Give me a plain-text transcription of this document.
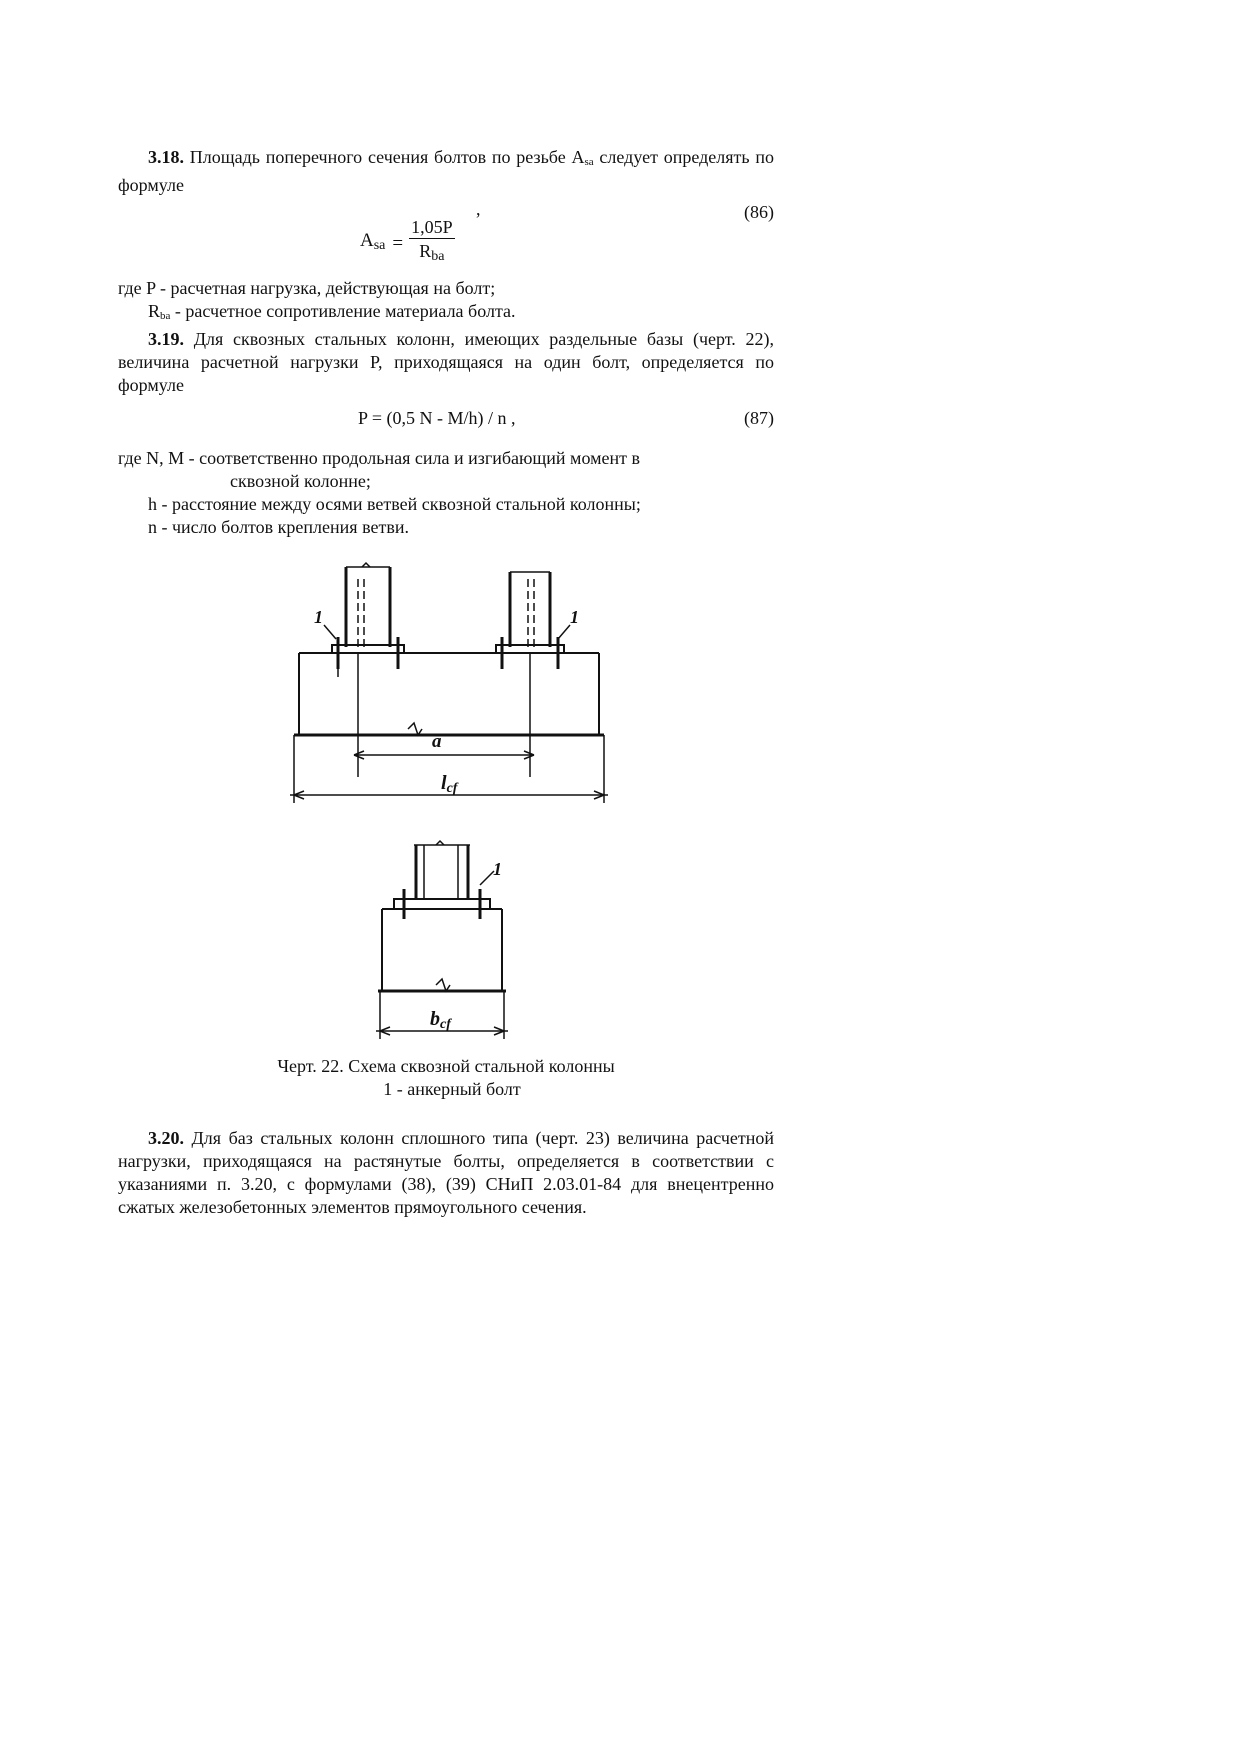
3.18. Площадь поперечного сечения болтов по резьбе Asa следует определять по формуле

,	(86)
$A_{sa} = \frac{1,05P}{R_{ba}}$

где P - расчетная нагрузка, действующая на болт;

Rba - расчетное сопротивление материала болта.

3.19. Для сквозных стальных колонн, имеющих раздельные базы (черт. 22), величина расчетной нагрузки P, приходящаяся на один болт, определяется по формуле

P = (0,5 N - M/h) / n ,	(87)

где N, M - соответственно продольная сила и изгибающий момент в
сквозной колонне;

h - расстояние между осями ветвей сквозной стальной колонны;

n - число болтов крепления ветви.

1	1
a
lcf
1
bcf
Черт. 22. Схема сквозной стальной колонны
1 - анкерный болт

3.20. Для баз стальных колонн сплошного типа (черт. 23) величина расчетной нагрузки, приходящаяся на растянутые болты, определяется в соответствии с указаниями п. 3.20, с формулами (38), (39) СНиП 2.03.01-84 для внецентренно сжатых железобетонных элементов прямоугольного сечения.
